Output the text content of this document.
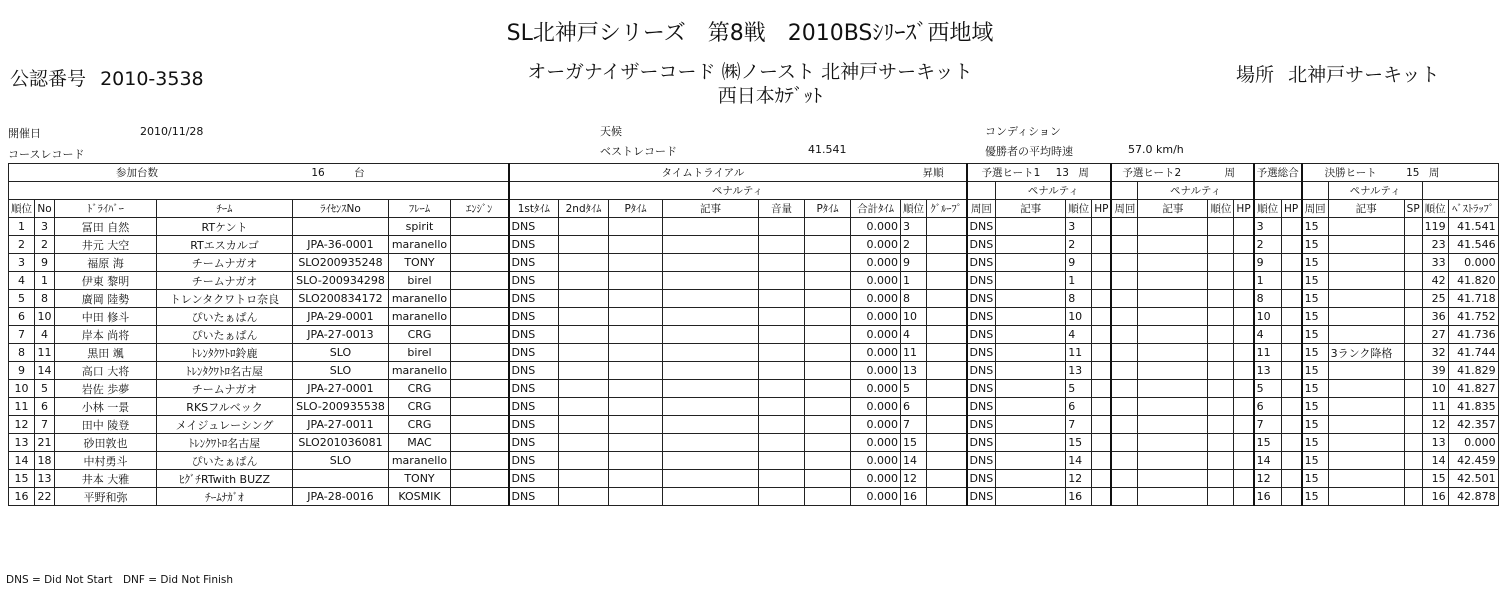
SL北神戸シリーズ　第8戦　2010BSｼﾘｰｽﾞ西地域
公認番号 2010-3538	オーガナイザーコード ㈱ノースト 北神戸サーキット
西日本ｶﾃﾞｯﾄ
場所 北神戸サーキット
開催日	2010/11/28
コースレコード
天候
ベストレコード	41.541
コンディション
優勝者の平均時速	57.0 km/h
参加台数 16 台							タイムトライアル 昇順									予選ヒート1 13 周				予選ヒート2 周				予選総合		決勝ヒート 15 周				
							ペナルティ										ペナルティ				ペナルティ						ペナルティ			
順位	No	ﾄﾞﾗｲﾊﾞｰ	ﾁｰﾑ	ﾗｲｾﾝｽNo	ﾌﾚｰﾑ	ｴﾝｼﾞﾝ	1stﾀｲﾑ	2ndﾀｲﾑ	Pﾀｲﾑ	記事	音量	Pﾀｲﾑ	合計ﾀｲﾑ	順位	ｸﾞﾙｰﾌﾟ	周回	記事	順位	HP	周回	記事	順位	HP	順位	HP	周回	記事	SP	順位	ﾍﾞｽﾄﾗｯﾌﾟ
1	3	冨田 自然	RTケント		spirit		DNS						0.000	3		DNS		3						3		15			119	41.541
2	2	井元 大空	RTエスカルゴ	JPA-36-0001	maranello		DNS						0.000	2		DNS		2						2		15			23	41.546
3	9	福原 海	チームナガオ	SLO200935248	TONY		DNS						0.000	9		DNS		9						9		15			33	0.000
4	1	伊東 黎明	チームナガオ	SLO-200934298	birel		DNS						0.000	1		DNS		1						1		15			42	41.820
5	8	廣岡 陸勢	トレンタクワトロ奈良	SLO200834172	maranello		DNS						0.000	8		DNS		8						8		15			25	41.718
6	10	中田 修斗	ぴいたぁぱん	JPA-29-0001	maranello		DNS						0.000	10		DNS		10						10		15			36	41.752
7	4	岸本 尚将	ぴいたぁぱん	JPA-27-0013	CRG		DNS						0.000	4		DNS		4						4		15			27	41.736
8	11	黒田 颯	ﾄﾚﾝﾀｸﾜﾄﾛ鈴鹿	SLO	birel		DNS						0.000	11		DNS		11						11		15	3ランク降格		32	41.744
9	14	高口 大将	ﾄﾚﾝﾀｸﾜﾄﾛ名古屋	SLO	maranello		DNS						0.000	13		DNS		13						13		15			39	41.829
10	5	岩佐 歩夢	チームナガオ	JPA-27-0001	CRG		DNS						0.000	5		DNS		5						5		15			10	41.827
11	6	小林 一景	RKSフルベック	SLO-200935538	CRG		DNS						0.000	6		DNS		6						6		15			11	41.835
12	7	田中 陵登	メイジュレーシング	JPA-27-0011	CRG		DNS						0.000	7		DNS		7						7		15			12	42.357
13	21	砂田敦也	ﾄﾚﾝｸﾜﾄﾛ名古屋	SLO201036081	MAC		DNS						0.000	15		DNS		15						15		15			13	0.000
14	18	中村勇斗	ぴいたぁぱん	SLO	maranello		DNS						0.000	14		DNS		14						14		15			14	42.459
15	13	井本 大雅	ﾋｸﾞﾁRTwith BUZZ		TONY		DNS						0.000	12		DNS		12						12		15			15	42.501
16	22	平野和弥	ﾁｰﾑﾅｶﾞｵ	JPA-28-0016	KOSMIK		DNS						0.000	16		DNS		16						16		15			16	42.878
DNS = Did Not Start　DNF = Did Not Finish
